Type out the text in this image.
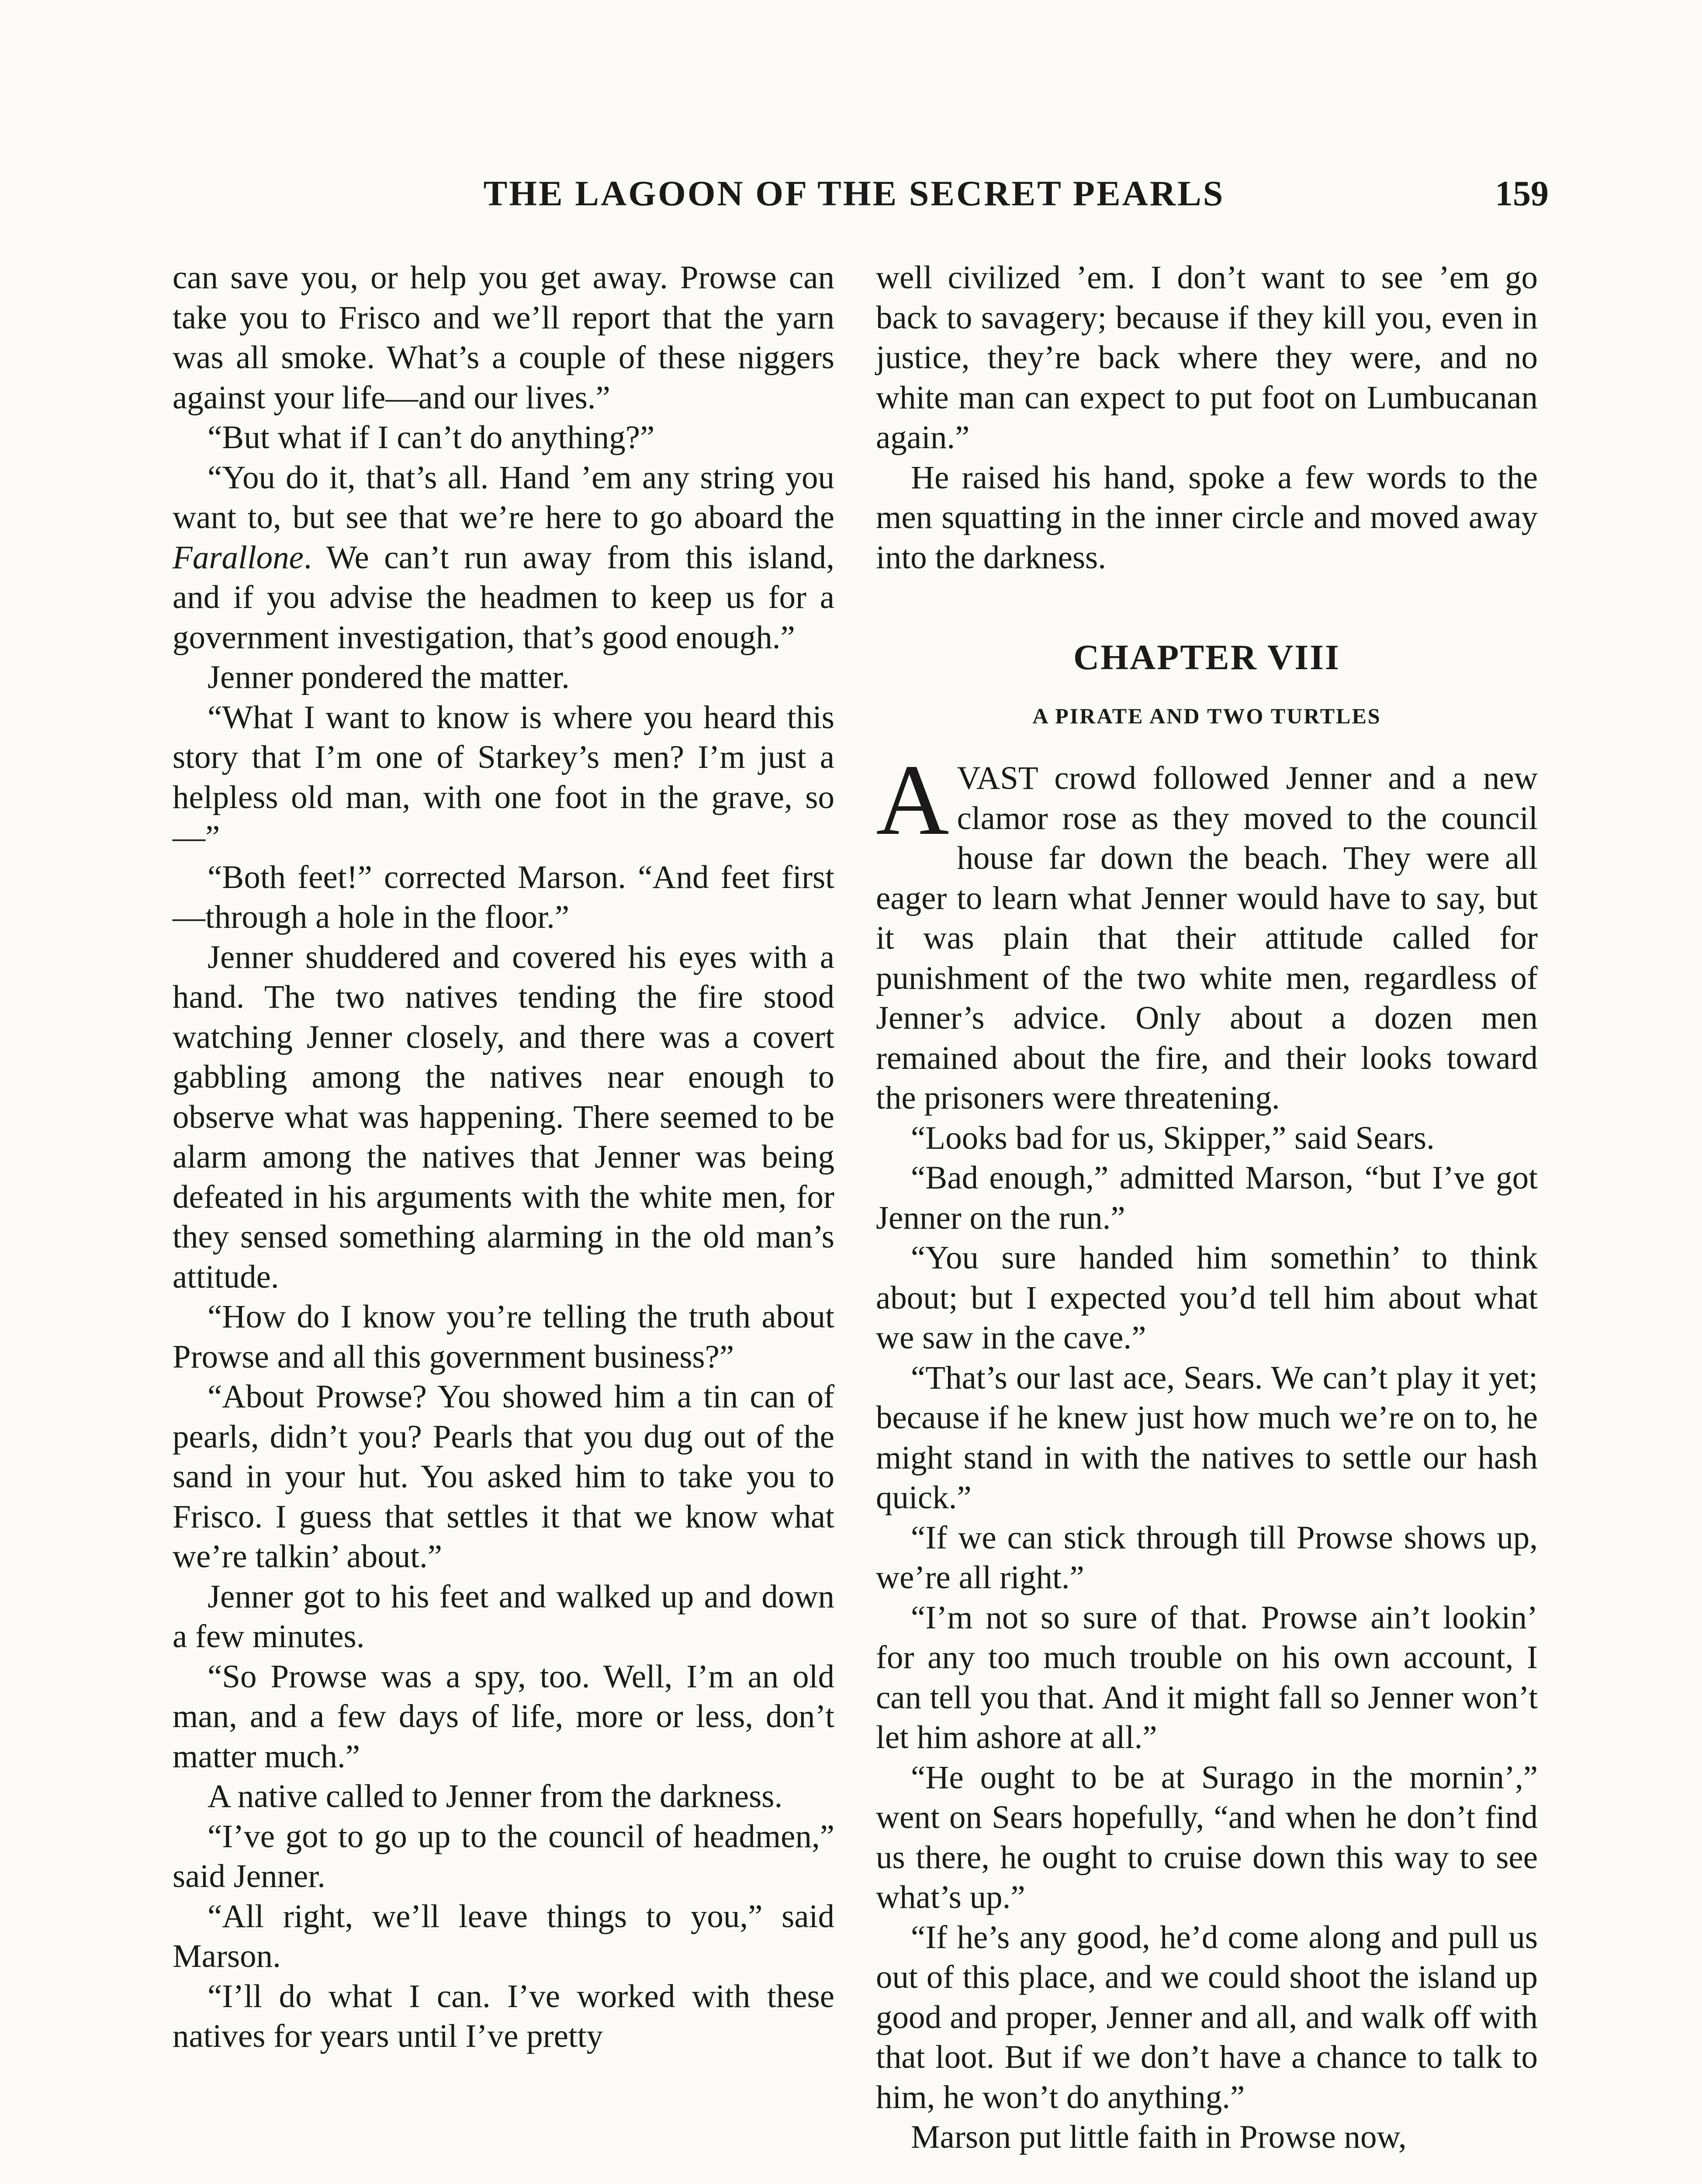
THE LAGOON OF THE SECRET PEARLS	159

can save you, or help you get away. Prowse can take you to Frisco and we’ll report that the yarn was all smoke. What’s a couple of these niggers against your life—and our lives.”

“But what if I can’t do anything?”

“You do it, that’s all. Hand ’em any string you want to, but see that we’re here to go aboard the Farallone. We can’t run away from this island, and if you advise the headmen to keep us for a government investigation, that’s good enough.”

Jenner pondered the matter.

“What I want to know is where you heard this story that I’m one of Starkey’s men? I’m just a helpless old man, with one foot in the grave, so—”

“Both feet!” corrected Marson. “And feet first—through a hole in the floor.”

Jenner shuddered and covered his eyes with a hand. The two natives tending the fire stood watching Jenner closely, and there was a covert gabbling among the natives near enough to observe what was happening. There seemed to be alarm among the natives that Jenner was being defeated in his arguments with the white men, for they sensed something alarming in the old man’s attitude.

“How do I know you’re telling the truth about Prowse and all this government business?”

“About Prowse? You showed him a tin can of pearls, didn’t you? Pearls that you dug out of the sand in your hut. You asked him to take you to Frisco. I guess that settles it that we know what we’re talkin’ about.”

Jenner got to his feet and walked up and down a few minutes.

“So Prowse was a spy, too. Well, I’m an old man, and a few days of life, more or less, don’t matter much.”

A native called to Jenner from the darkness.

“I’ve got to go up to the council of headmen,” said Jenner.

“All right, we’ll leave things to you,” said Marson.

“I’ll do what I can. I’ve worked with these natives for years until I’ve pretty

well civilized ’em. I don’t want to see ’em go back to savagery; because if they kill you, even in justice, they’re back where they were, and no white man can expect to put foot on Lumbucanan again.”

He raised his hand, spoke a few words to the men squatting in the inner circle and moved away into the darkness.

CHAPTER VIII
A PIRATE AND TWO TURTLES

AVAST crowd followed Jenner and a new clamor rose as they moved to the council house far down the beach. They were all eager to learn what Jenner would have to say, but it was plain that their attitude called for punishment of the two white men, regardless of Jenner’s advice. Only about a dozen men remained about the fire, and their looks toward the prisoners were threatening.

“Looks bad for us, Skipper,” said Sears.

“Bad enough,” admitted Marson, “but I’ve got Jenner on the run.”

“You sure handed him somethin’ to think about; but I expected you’d tell him about what we saw in the cave.”

“That’s our last ace, Sears. We can’t play it yet; because if he knew just how much we’re on to, he might stand in with the natives to settle our hash quick.”

“If we can stick through till Prowse shows up, we’re all right.”

“I’m not so sure of that. Prowse ain’t lookin’ for any too much trouble on his own account, I can tell you that. And it might fall so Jenner won’t let him ashore at all.”

“He ought to be at Surago in the mornin’,” went on Sears hopefully, “and when he don’t find us there, he ought to cruise down this way to see what’s up.”

“If he’s any good, he’d come along and pull us out of this place, and we could shoot the island up good and proper, Jenner and all, and walk off with that loot. But if we don’t have a chance to talk to him, he won’t do anything.”

Marson put little faith in Prowse now,
